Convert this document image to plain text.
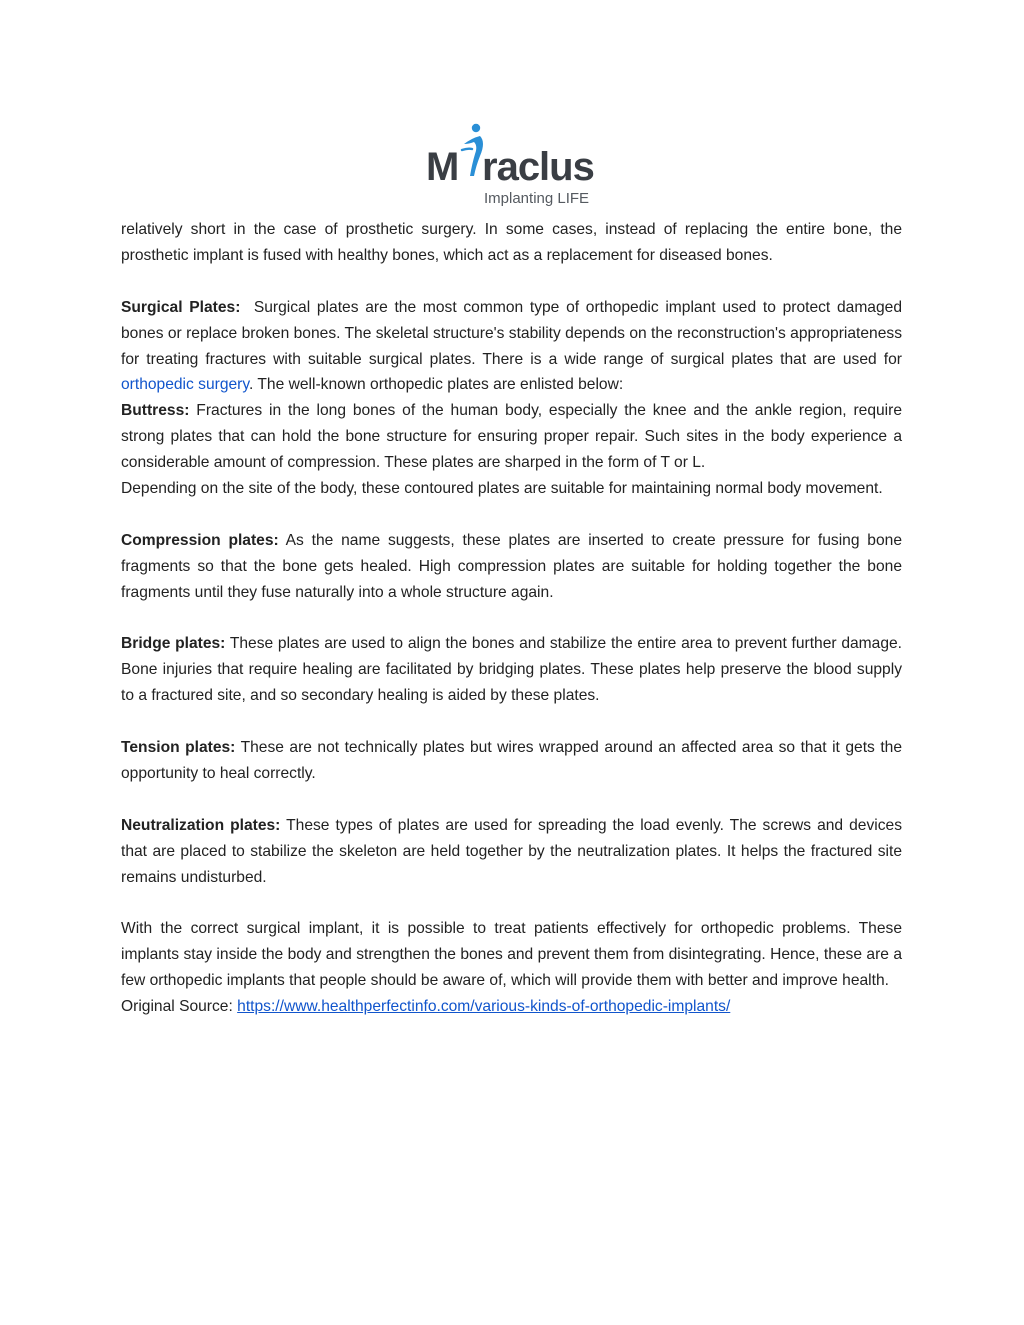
M raclus
Implanting LIFE

relatively short in the case of prosthetic surgery. In some cases, instead of replacing the entire bone, the prosthetic implant is fused with healthy bones, which act as a replacement for diseased bones.

Surgical Plates:  Surgical plates are the most common type of orthopedic implant used to protect damaged bones or replace broken bones. The skeletal structure's stability depends on the reconstruction's appropriateness for treating fractures with suitable surgical plates. There is a wide range of surgical plates that are used for orthopedic surgery. The well-known orthopedic plates are enlisted below:

Buttress: Fractures in the long bones of the human body, especially the knee and the ankle region, require strong plates that can hold the bone structure for ensuring proper repair. Such sites in the body experience a considerable amount of compression. These plates are sharped in the form of T or L.

Depending on the site of the body, these contoured plates are suitable for maintaining normal body movement.

Compression plates: As the name suggests, these plates are inserted to create pressure for fusing bone fragments so that the bone gets healed. High compression plates are suitable for holding together the bone fragments until they fuse naturally into a whole structure again.

Bridge plates: These plates are used to align the bones and stabilize the entire area to prevent further damage. Bone injuries that require healing are facilitated by bridging plates. These plates help preserve the blood supply to a fractured site, and so secondary healing is aided by these plates.

Tension plates: These are not technically plates but wires wrapped around an affected area so that it gets the opportunity to heal correctly.

Neutralization plates: These types of plates are used for spreading the load evenly. The screws and devices that are placed to stabilize the skeleton are held together by the neutralization plates. It helps the fractured site remains undisturbed.

With the correct surgical implant, it is possible to treat patients effectively for orthopedic problems. These implants stay inside the body and strengthen the bones and prevent them from disintegrating. Hence, these are a few orthopedic implants that people should be aware of, which will provide them with better and improve health.

Original Source: https://www.healthperfectinfo.com/various-kinds-of-orthopedic-implants/
